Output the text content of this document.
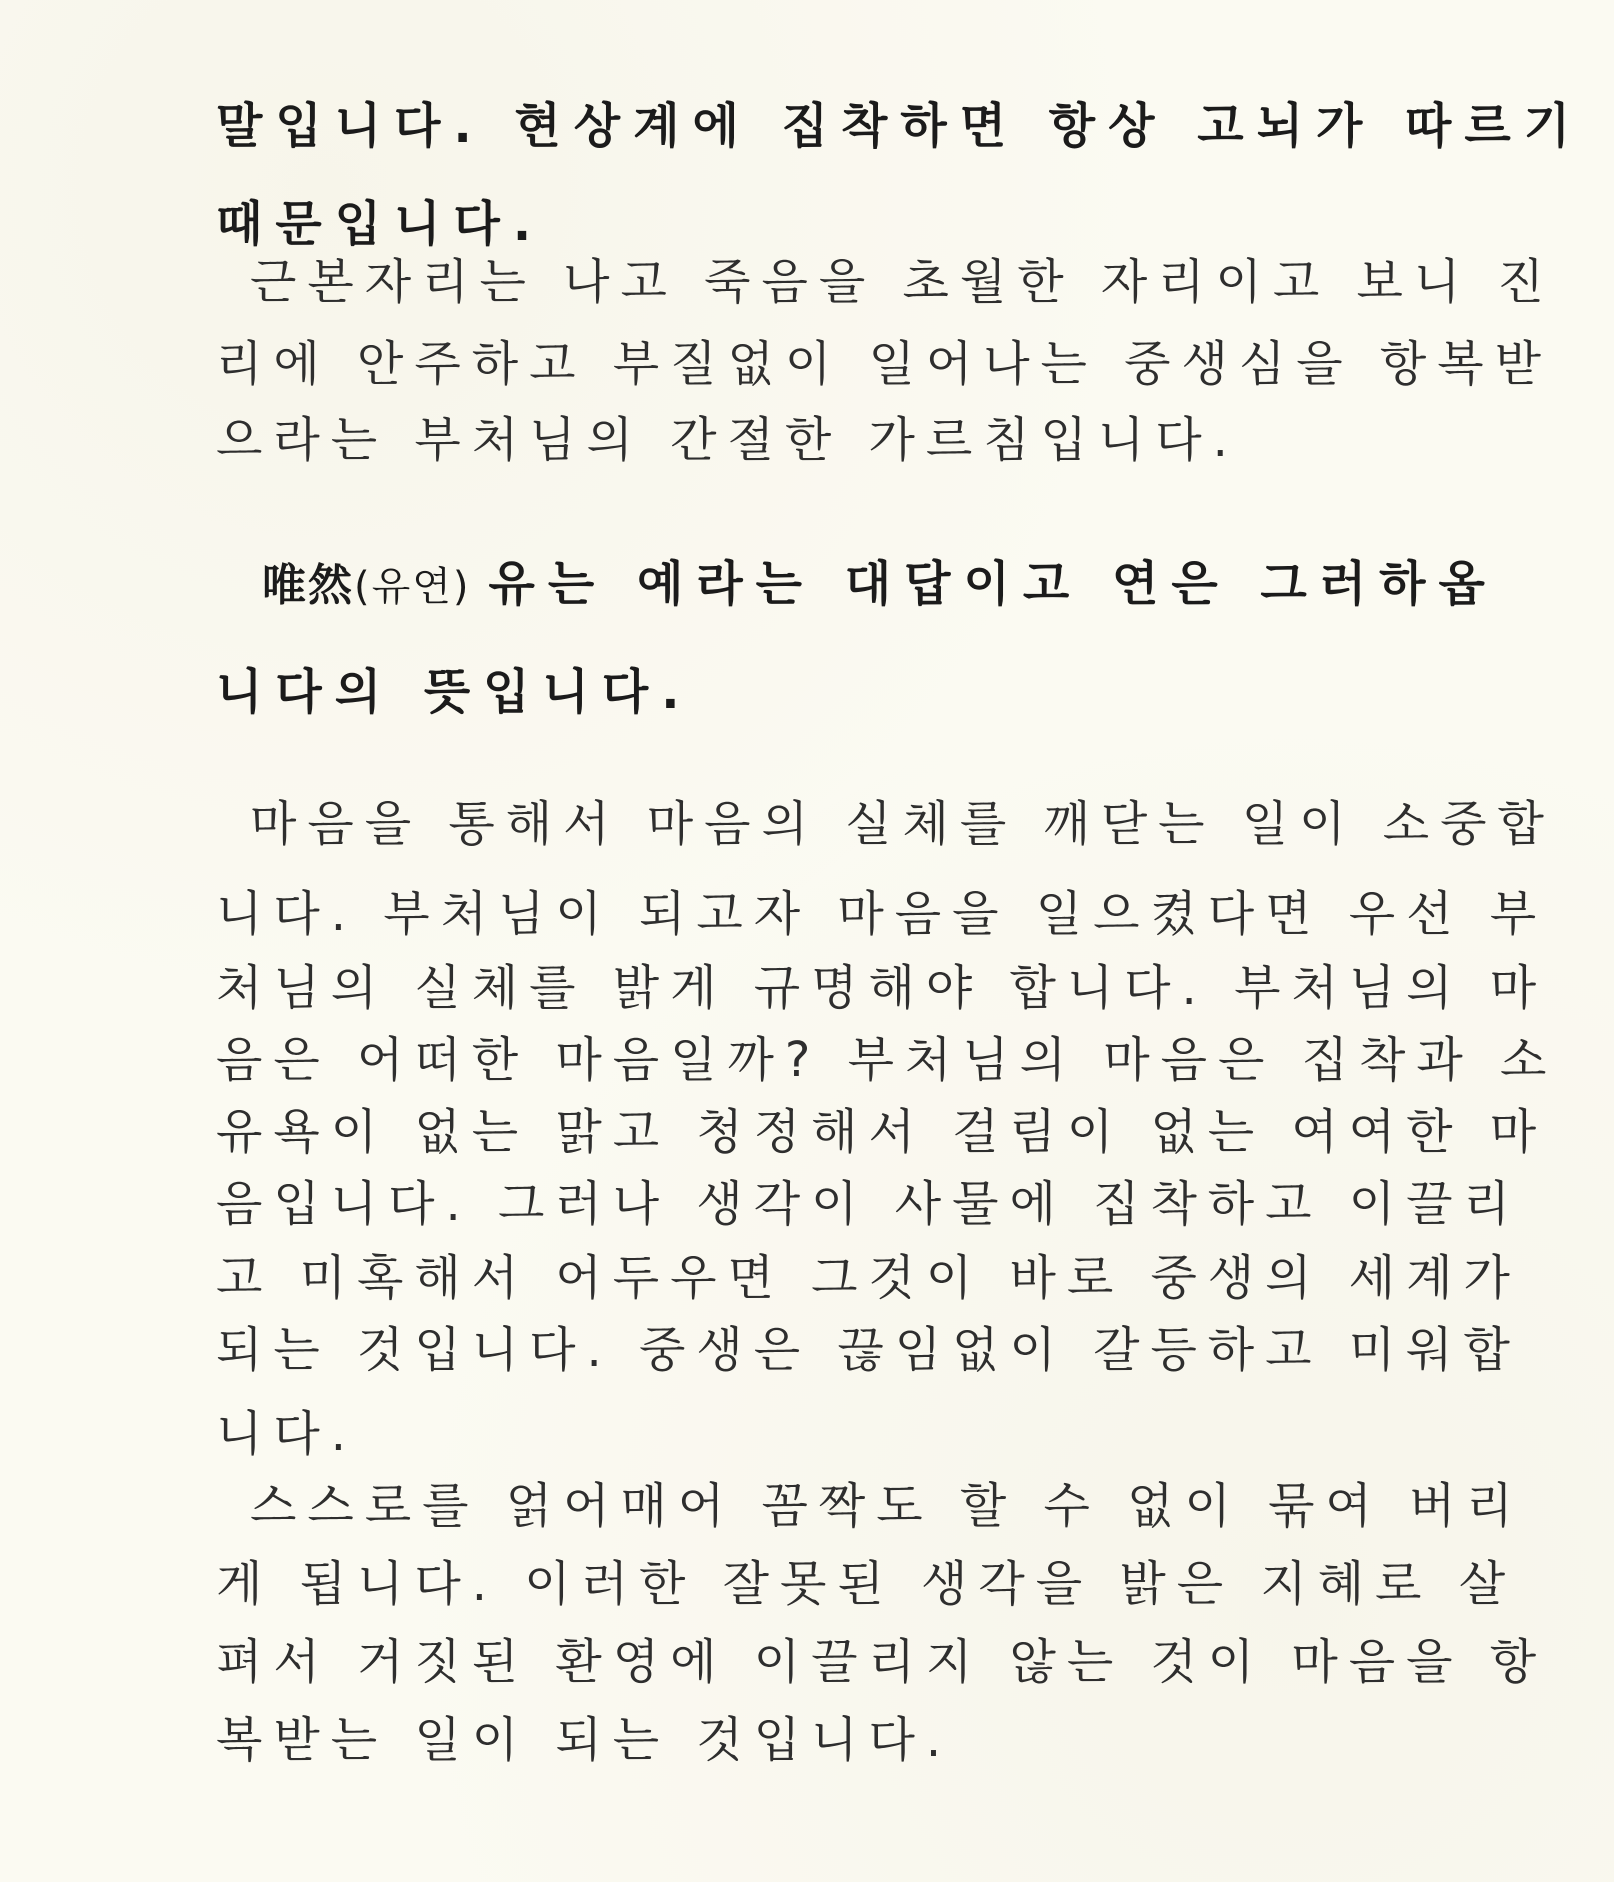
말입니다. 현상계에 집착하면 항상 고뇌가 따르기
때문입니다.
근본자리는 나고 죽음을 초월한 자리이고 보니 진
리에 안주하고 부질없이 일어나는 중생심을 항복받
으라는 부처님의 간절한 가르침입니다.
唯然(유연) 유는 예라는 대답이고 연은 그러하옵
니다의 뜻입니다.
마음을 통해서 마음의 실체를 깨닫는 일이 소중합
니다. 부처님이 되고자 마음을 일으켰다면 우선 부
처님의 실체를 밝게 규명해야 합니다. 부처님의 마
음은 어떠한 마음일까? 부처님의 마음은 집착과 소
유욕이 없는 맑고 청정해서 걸림이 없는 여여한 마
음입니다. 그러나 생각이 사물에 집착하고 이끌리
고 미혹해서 어두우면 그것이 바로 중생의 세계가
되는 것입니다. 중생은 끊임없이 갈등하고 미워합
니다.
스스로를 얽어매어 꼼짝도 할 수 없이 묶여 버리
게 됩니다. 이러한 잘못된 생각을 밝은 지혜로 살
펴서 거짓된 환영에 이끌리지 않는 것이 마음을 항
복받는 일이 되는 것입니다.
